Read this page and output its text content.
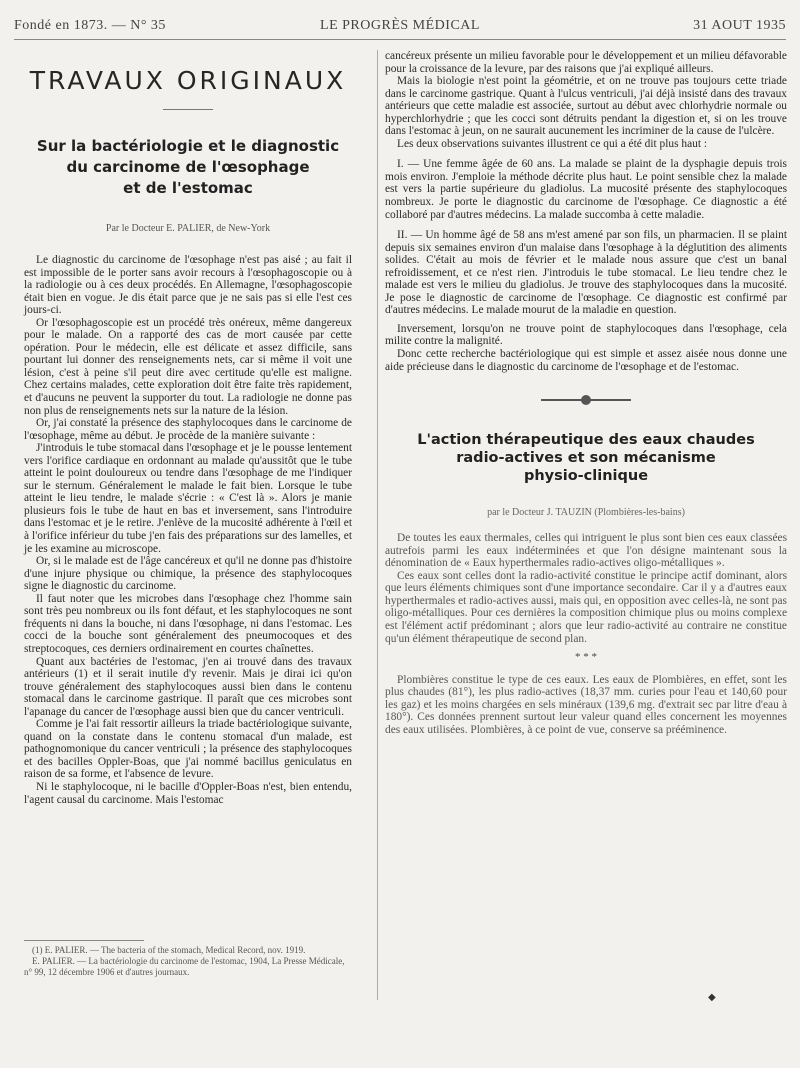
Fondé en 1873. — N° 35	LE PROGRÈS MÉDICAL	31 AOUT 1935
TRAVAUX ORIGINAUX
Sur la bactériologie et le diagnostic
du carcinome de l'œsophage
et de l'estomac
Par le Docteur E. PALIER, de New-York

Le diagnostic du carcinome de l'œsophage n'est pas aisé ; au fait il est impossible de le porter sans avoir recours à l'œsophagoscopie ou à la radiologie ou à ces deux procédés. En Allemagne, l'œsophagoscopie était bien en vogue. Je dis était parce que je ne sais pas si elle l'est ces jours-ci.

Or l'œsophagoscopie est un procédé très onéreux, même dangereux pour le malade. On a rapporté des cas de mort causée par cette opération. Pour le médecin, elle est délicate et assez difficile, sans pourtant lui donner des renseignements nets, car si même il voit une lésion, c'est à peine s'il peut dire avec certitude qu'elle est maligne. Chez certains malades, cette exploration doit être faite très rapidement, et d'aucuns ne peuvent la supporter du tout. La radiologie ne donne pas non plus de renseignements nets sur la nature de la lésion.

Or, j'ai constaté la présence des staphylocoques dans le carcinome de l'œsophage, même au début. Je procède de la manière suivante :

J'introduis le tube stomacal dans l'œsophage et je le pousse lentement vers l'orifice cardiaque en ordonnant au malade qu'aussitôt que le tube atteint le point douloureux ou tendre dans l'œsophage de me l'indiquer sur le sternum. Généralement le malade le fait bien. Lorsque le tube atteint le lieu tendre, le malade s'écrie : « C'est là ». Alors je manie plusieurs fois le tube de haut en bas et inversement, sans l'introduire dans l'estomac et je le retire. J'enlève de la mucosité adhérente à l'œil et à l'orifice inférieur du tube j'en fais des préparations sur des lamelles, et je les examine au microscope.

Or, si le malade est de l'âge cancéreux et qu'il ne donne pas d'histoire d'une injure physique ou chimique, la présence des staphylocoques signe le diagnostic du carcinome.

Il faut noter que les microbes dans l'œsophage chez l'homme sain sont très peu nombreux ou ils font défaut, et les staphylocoques ne sont fréquents ni dans la bouche, ni dans l'œsophage, ni dans l'estomac. Les cocci de la bouche sont généralement des pneumocoques et des streptocoques, ces derniers ordinairement en courtes chaînettes.

Quant aux bactéries de l'estomac, j'en ai trouvé dans des travaux antérieurs (1) et il serait inutile d'y revenir. Mais je dirai ici qu'on trouve généralement des staphylocoques aussi bien dans le contenu stomacal dans le carcinome gastrique. Il paraît que ces microbes sont l'apanage du cancer de l'œsophage aussi bien que du cancer ventriculi.

Comme je l'ai fait ressortir ailleurs la triade bactériologique suivante, quand on la constate dans le contenu stomacal d'un malade, est pathognomonique du cancer ventriculi ; la présence des staphylocoques et des bacilles Oppler-Boas, que j'ai nommé bacillus geniculatus en raison de sa forme, et l'absence de levure.

Ni le staphylocoque, ni le bacille d'Oppler-Boas n'est, bien entendu, l'agent causal du carcinome. Mais l'estomac

(1) E. PALIER. — The bacteria of the stomach, Medical Record, nov. 1919.

E. PALIER. — La bactériologie du carcinome de l'estomac, 1904, La Presse Médicale, n° 99, 12 décembre 1906 et d'autres journaux.

cancéreux présente un milieu favorable pour le développement et un milieu défavorable pour la croissance de la levure, par des raisons que j'ai expliqué ailleurs.

Mais la biologie n'est point la géométrie, et on ne trouve pas toujours cette triade dans le carcinome gastrique. Quant à l'ulcus ventriculi, j'ai déjà insisté dans des travaux antérieurs que cette maladie est associée, surtout au début avec chlorhydrie normale ou hyperchlorhydrie ; que les cocci sont détruits pendant la digestion et, si on les trouve dans l'estomac à jeun, on ne saurait aucunement les incriminer de la cause de l'ulcère.

Les deux observations suivantes illustrent ce qui a été dit plus haut :

I. — Une femme âgée de 60 ans. La malade se plaint de la dysphagie depuis trois mois environ. J'emploie la méthode décrite plus haut. Le point sensible chez la malade est vers la partie supérieure du gladiolus. La mucosité présente des staphylocoques nombreux. Je porte le diagnostic du carcinome de l'œsophage. Ce diagnostic a été collaboré par d'autres médecins. La malade succomba à cette maladie.

II. — Un homme âgé de 58 ans m'est amené par son fils, un pharmacien. Il se plaint depuis six semaines environ d'un malaise dans l'œsophage à la déglutition des aliments solides. C'était au mois de février et le malade nous assure que c'est un banal refroidissement, et ce n'est rien. J'introduis le tube stomacal. Le lieu tendre chez le malade est vers le milieu du gladiolus. Je trouve des staphylocoques dans la mucosité. Je pose le diagnostic de carcinome de l'œsophage. Ce diagnostic est confirmé par d'autres médecins. Le malade mourut de la maladie en question.

Inversement, lorsqu'on ne trouve point de staphylocoques dans l'œsophage, cela milite contre la malignité.

Donc cette recherche bactériologique qui est simple et assez aisée nous donne une aide précieuse dans le diagnostic du carcinome de l'œsophage et de l'estomac.

L'action thérapeutique des eaux chaudes
radio-actives et son mécanisme
physio-clinique
par le Docteur J. TAUZIN (Plombières-les-bains)

De toutes les eaux thermales, celles qui intriguent le plus sont bien ces eaux classées autrefois parmi les eaux indéterminées et que l'on désigne maintenant sous la dénomination de « Eaux hyperthermales radio-actives oligo-métalliques ».

Ces eaux sont celles dont la radio-activité constitue le principe actif dominant, alors que leurs éléments chimiques sont d'une importance secondaire. Car il y a d'autres eaux hyperthermales et radio-actives aussi, mais qui, en opposition avec celles-là, ne sont pas oligo-métalliques. Pour ces dernières la composition chimique plus ou moins complexe est l'élément actif prédominant ; alors que leur radio-activité au contraire ne constitue qu'un élément thérapeutique de second plan.

* * *

Plombières constitue le type de ces eaux. Les eaux de Plombières, en effet, sont les plus chaudes (81°), les plus radio-actives (18,37 mm. curies pour l'eau et 140,60 pour les gaz) et les moins chargées en sels minéraux (139,6 mg. d'extrait sec par litre d'eau à 180°). Ces données prennent surtout leur valeur quand elles concernent les moyennes des eaux utilisées. Plombières, à ce point de vue, conserve sa prééminence.

◆
